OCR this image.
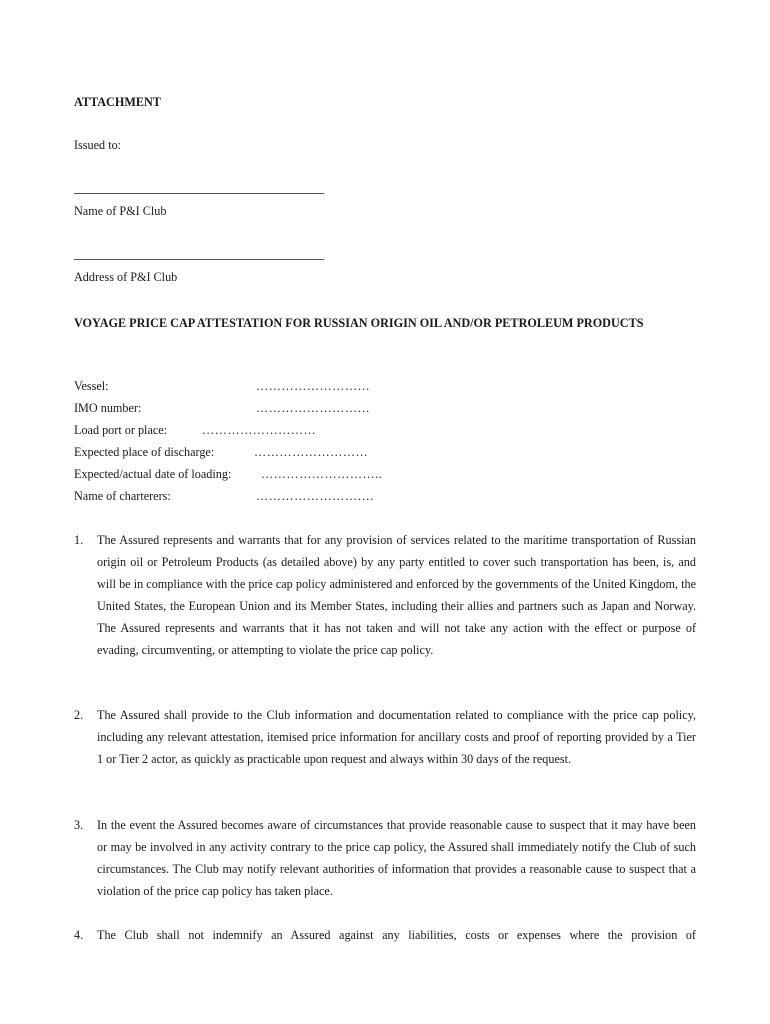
ATTACHMENT
Issued to:
Name of P&I Club
Address of P&I Club
VOYAGE PRICE CAP ATTESTATION FOR RUSSIAN ORIGIN OIL AND/OR PETROLEUM PRODUCTS
Vessel:	………………………
IMO number:	………………………
Load port or place:	………………………
Expected place of discharge:	………………………
Expected/actual date of loading: ………………………..
Name of charterers:	……………………….
1. The Assured represents and warrants that for any provision of services related to the maritime transportation of Russian origin oil or Petroleum Products (as detailed above) by any party entitled to cover such transportation has been, is, and will be in compliance with the price cap policy administered and enforced by the governments of the United Kingdom, the United States, the European Union and its Member States, including their allies and partners such as Japan and Norway. The Assured represents and warrants that it has not taken and will not take any action with the effect or purpose of evading, circumventing, or attempting to violate the price cap policy.
2. The Assured shall provide to the Club information and documentation related to compliance with the price cap policy, including any relevant attestation, itemised price information for ancillary costs and proof of reporting provided by a Tier 1 or Tier 2 actor, as quickly as practicable upon request and always within 30 days of the request.
3. In the event the Assured becomes aware of circumstances that provide reasonable cause to suspect that it may have been or may be involved in any activity contrary to the price cap policy, the Assured shall immediately notify the Club of such circumstances. The Club may notify relevant authorities of information that provides a reasonable cause to suspect that a violation of the price cap policy has taken place.
4. The Club shall not indemnify an Assured against any liabilities, costs or expenses where the provision of
